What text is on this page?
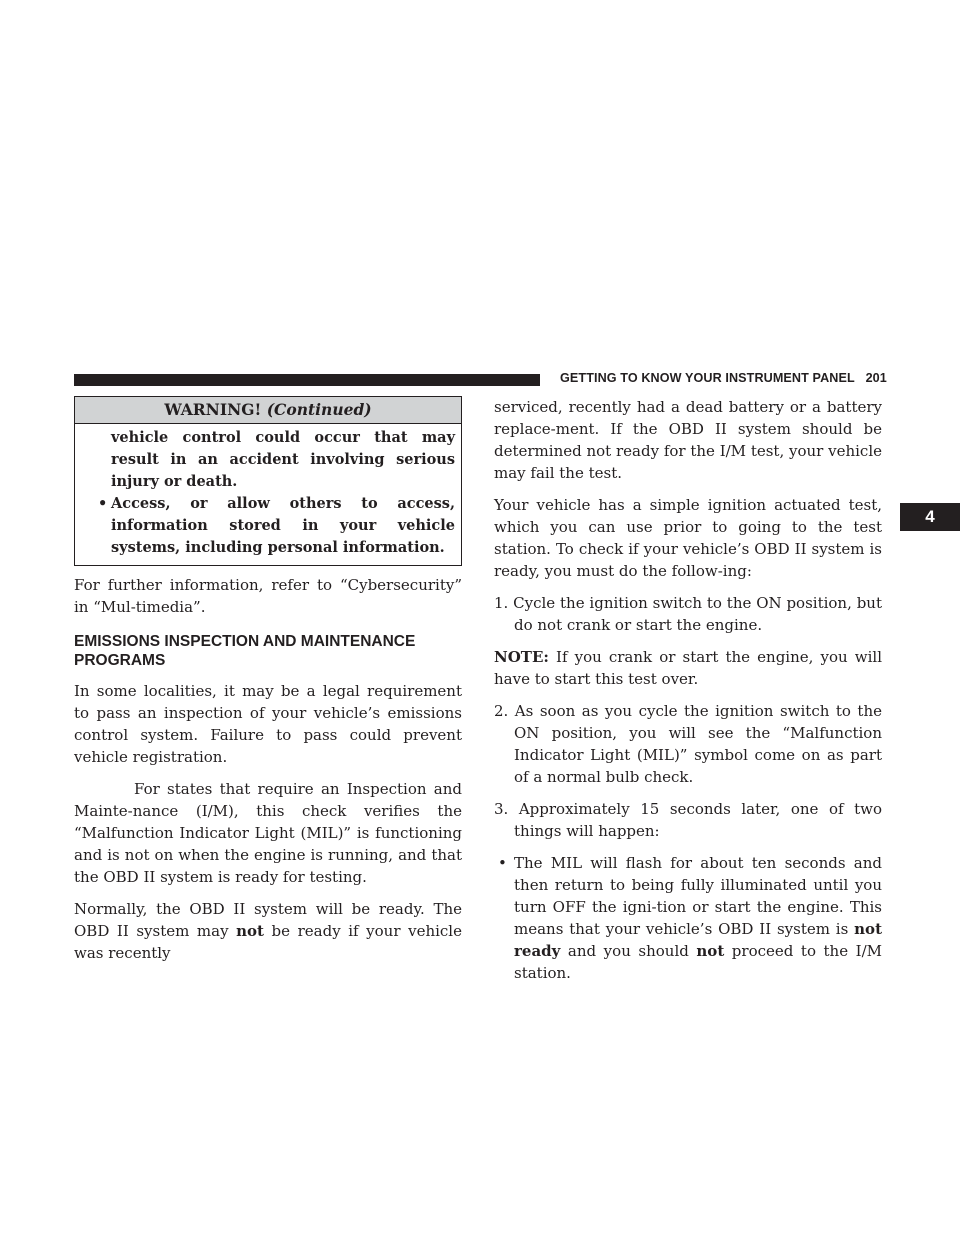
GETTING TO KNOW YOUR INSTRUMENT PANEL 201
4
WARNING! (Continued)
vehicle control could occur that may result in an accident involving serious injury or death.
• Access, or allow others to access, information stored in your vehicle systems, including personal information.

For further information, refer to “Cybersecurity” in “Mul-timedia”.

EMISSIONS INSPECTION AND MAINTENANCE PROGRAMS

In some localities, it may be a legal requirement to pass an inspection of your vehicle’s emissions control system. Failure to pass could prevent vehicle registration.

For states that require an Inspection and Mainte-nance (I/M), this check verifies the “Malfunction Indicator Light (MIL)” is functioning and is not on when the engine is running, and that the OBD II system is ready for testing.

Normally, the OBD II system will be ready. The OBD II system may not be ready if your vehicle was recently

serviced, recently had a dead battery or a battery replace-ment. If the OBD II system should be determined not ready for the I/M test, your vehicle may fail the test.

Your vehicle has a simple ignition actuated test, which you can use prior to going to the test station. To check if your vehicle’s OBD II system is ready, you must do the follow-ing:

1. Cycle the ignition switch to the ON position, but do not crank or start the engine.

NOTE: If you crank or start the engine, you will have to start this test over.

2. As soon as you cycle the ignition switch to the ON position, you will see the “Malfunction Indicator Light (MIL)” symbol come on as part of a normal bulb check.

3. Approximately 15 seconds later, one of two things will happen:

• The MIL will flash for about ten seconds and then return to being fully illuminated until you turn OFF the igni-tion or start the engine. This means that your vehicle’s OBD II system is not ready and you should not proceed to the I/M station.
